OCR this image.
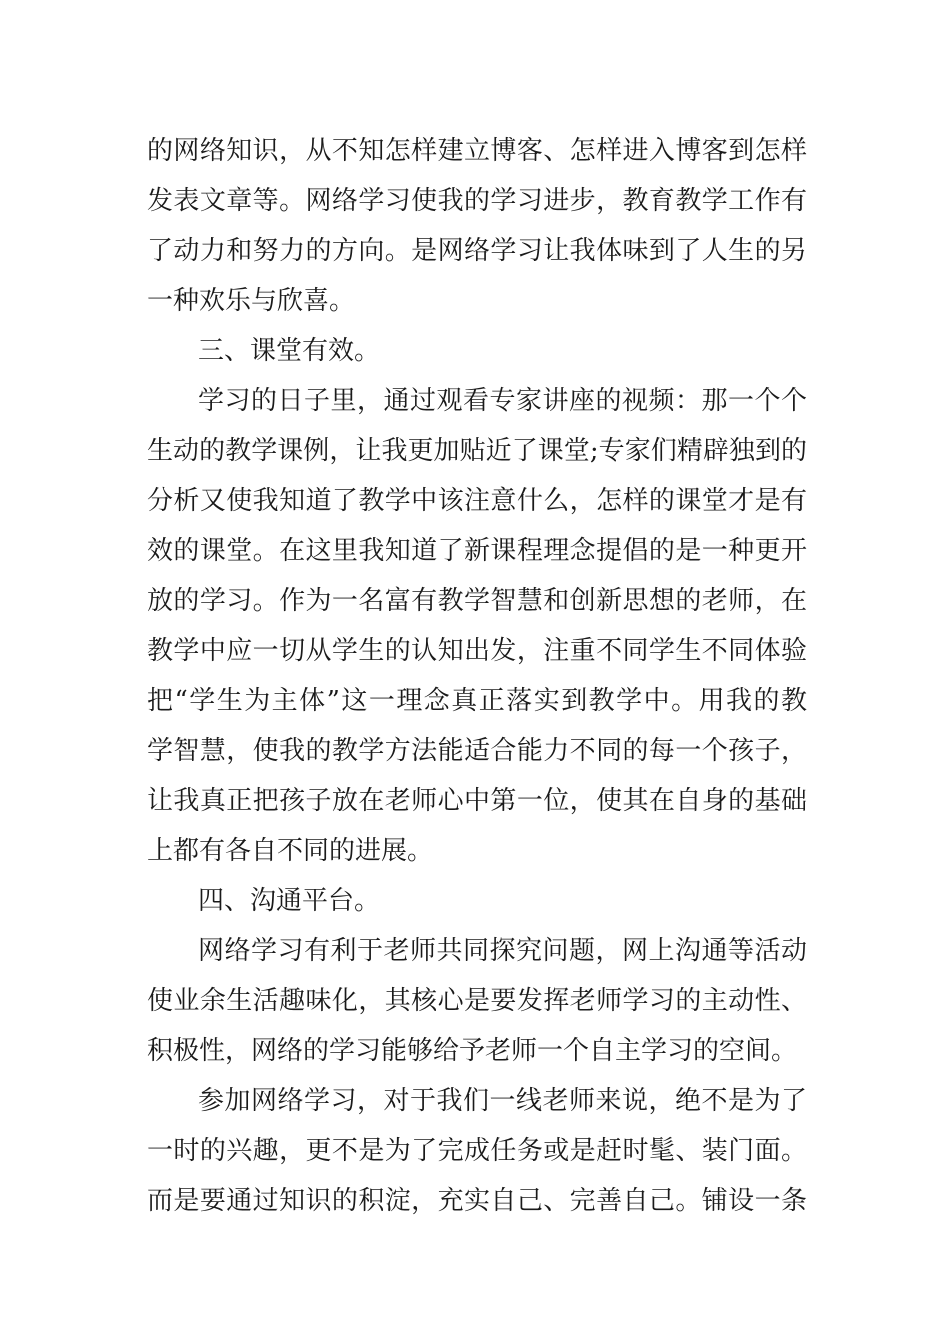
的网络知识，从不知怎样建立博客、怎样进入博客到怎样
发表文章等。网络学习使我的学习进步，教育教学工作有
了动力和努力的方向。是网络学习让我体味到了人生的另
一种欢乐与欣喜。
三、课堂有效。
学习的日子里，通过观看专家讲座的视频：那一个个
生动的教学课例，让我更加贴近了课堂;专家们精辟独到的
分析又使我知道了教学中该注意什么，怎样的课堂才是有
效的课堂。在这里我知道了新课程理念提倡的是一种更开
放的学习。作为一名富有教学智慧和创新思想的老师，在
教学中应一切从学生的认知出发，注重不同学生不同体验
把“学生为主体”这一理念真正落实到教学中。用我的教
学智慧，使我的教学方法能适合能力不同的每一个孩子，
让我真正把孩子放在老师心中第一位，使其在自身的基础
上都有各自不同的进展。
四、沟通平台。
网络学习有利于老师共同探究问题，网上沟通等活动
使业余生活趣味化，其核心是要发挥老师学习的主动性、
积极性，网络的学习能够给予老师一个自主学习的空间。
参加网络学习，对于我们一线老师来说，绝不是为了
一时的兴趣，更不是为了完成任务或是赶时髦、装门面。
而是要通过知识的积淀，充实自己、完善自己。铺设一条
